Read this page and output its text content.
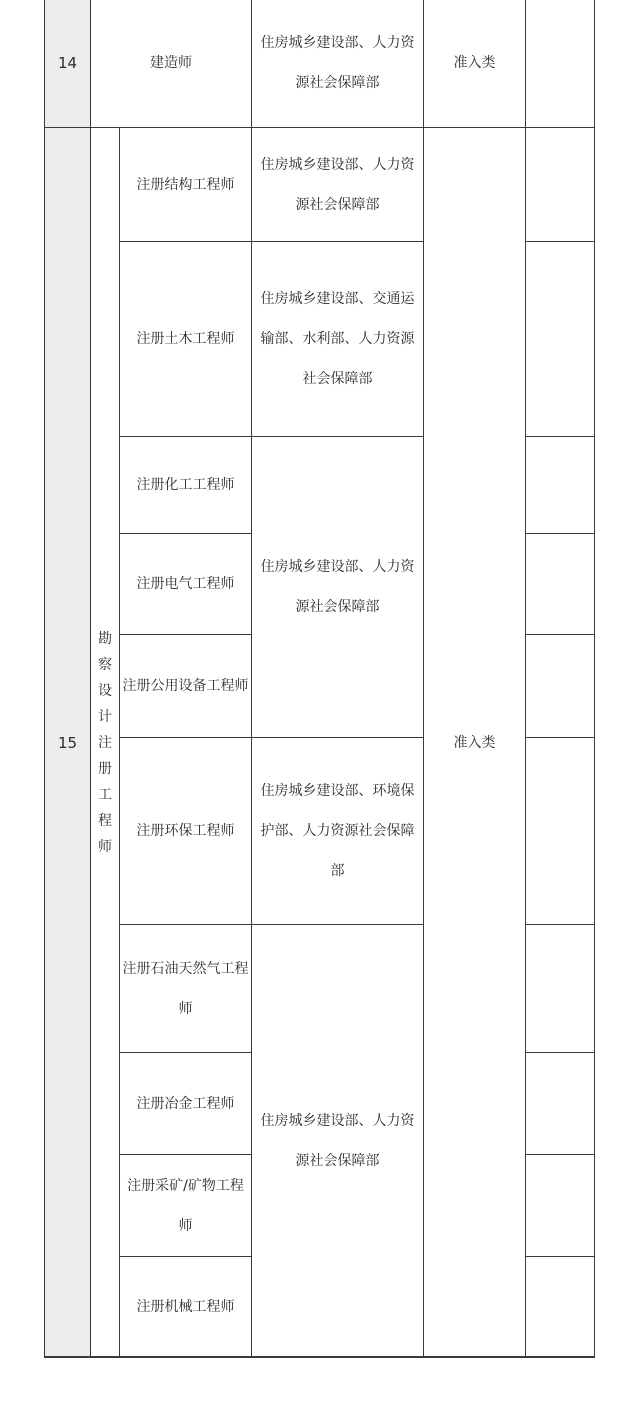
14	建造师
住房城乡建设部、人力资源社会保障部
准入类
15
勘
察
设
计
注
册
工
程
师
准入类
注册结构工程师
注册土木工程师
注册化工工程师
注册电气工程师
注册公用设备工程师
注册环保工程师
注册石油天然气工程师
注册冶金工程师
注册采矿/矿物工程师
注册机械工程师
住房城乡建设部、人力资源社会保障部
住房城乡建设部、交通运输部、水利部、人力资源社会保障部
住房城乡建设部、人力资源社会保障部
住房城乡建设部、环境保护部、人力资源社会保障部
住房城乡建设部、人力资源社会保障部
